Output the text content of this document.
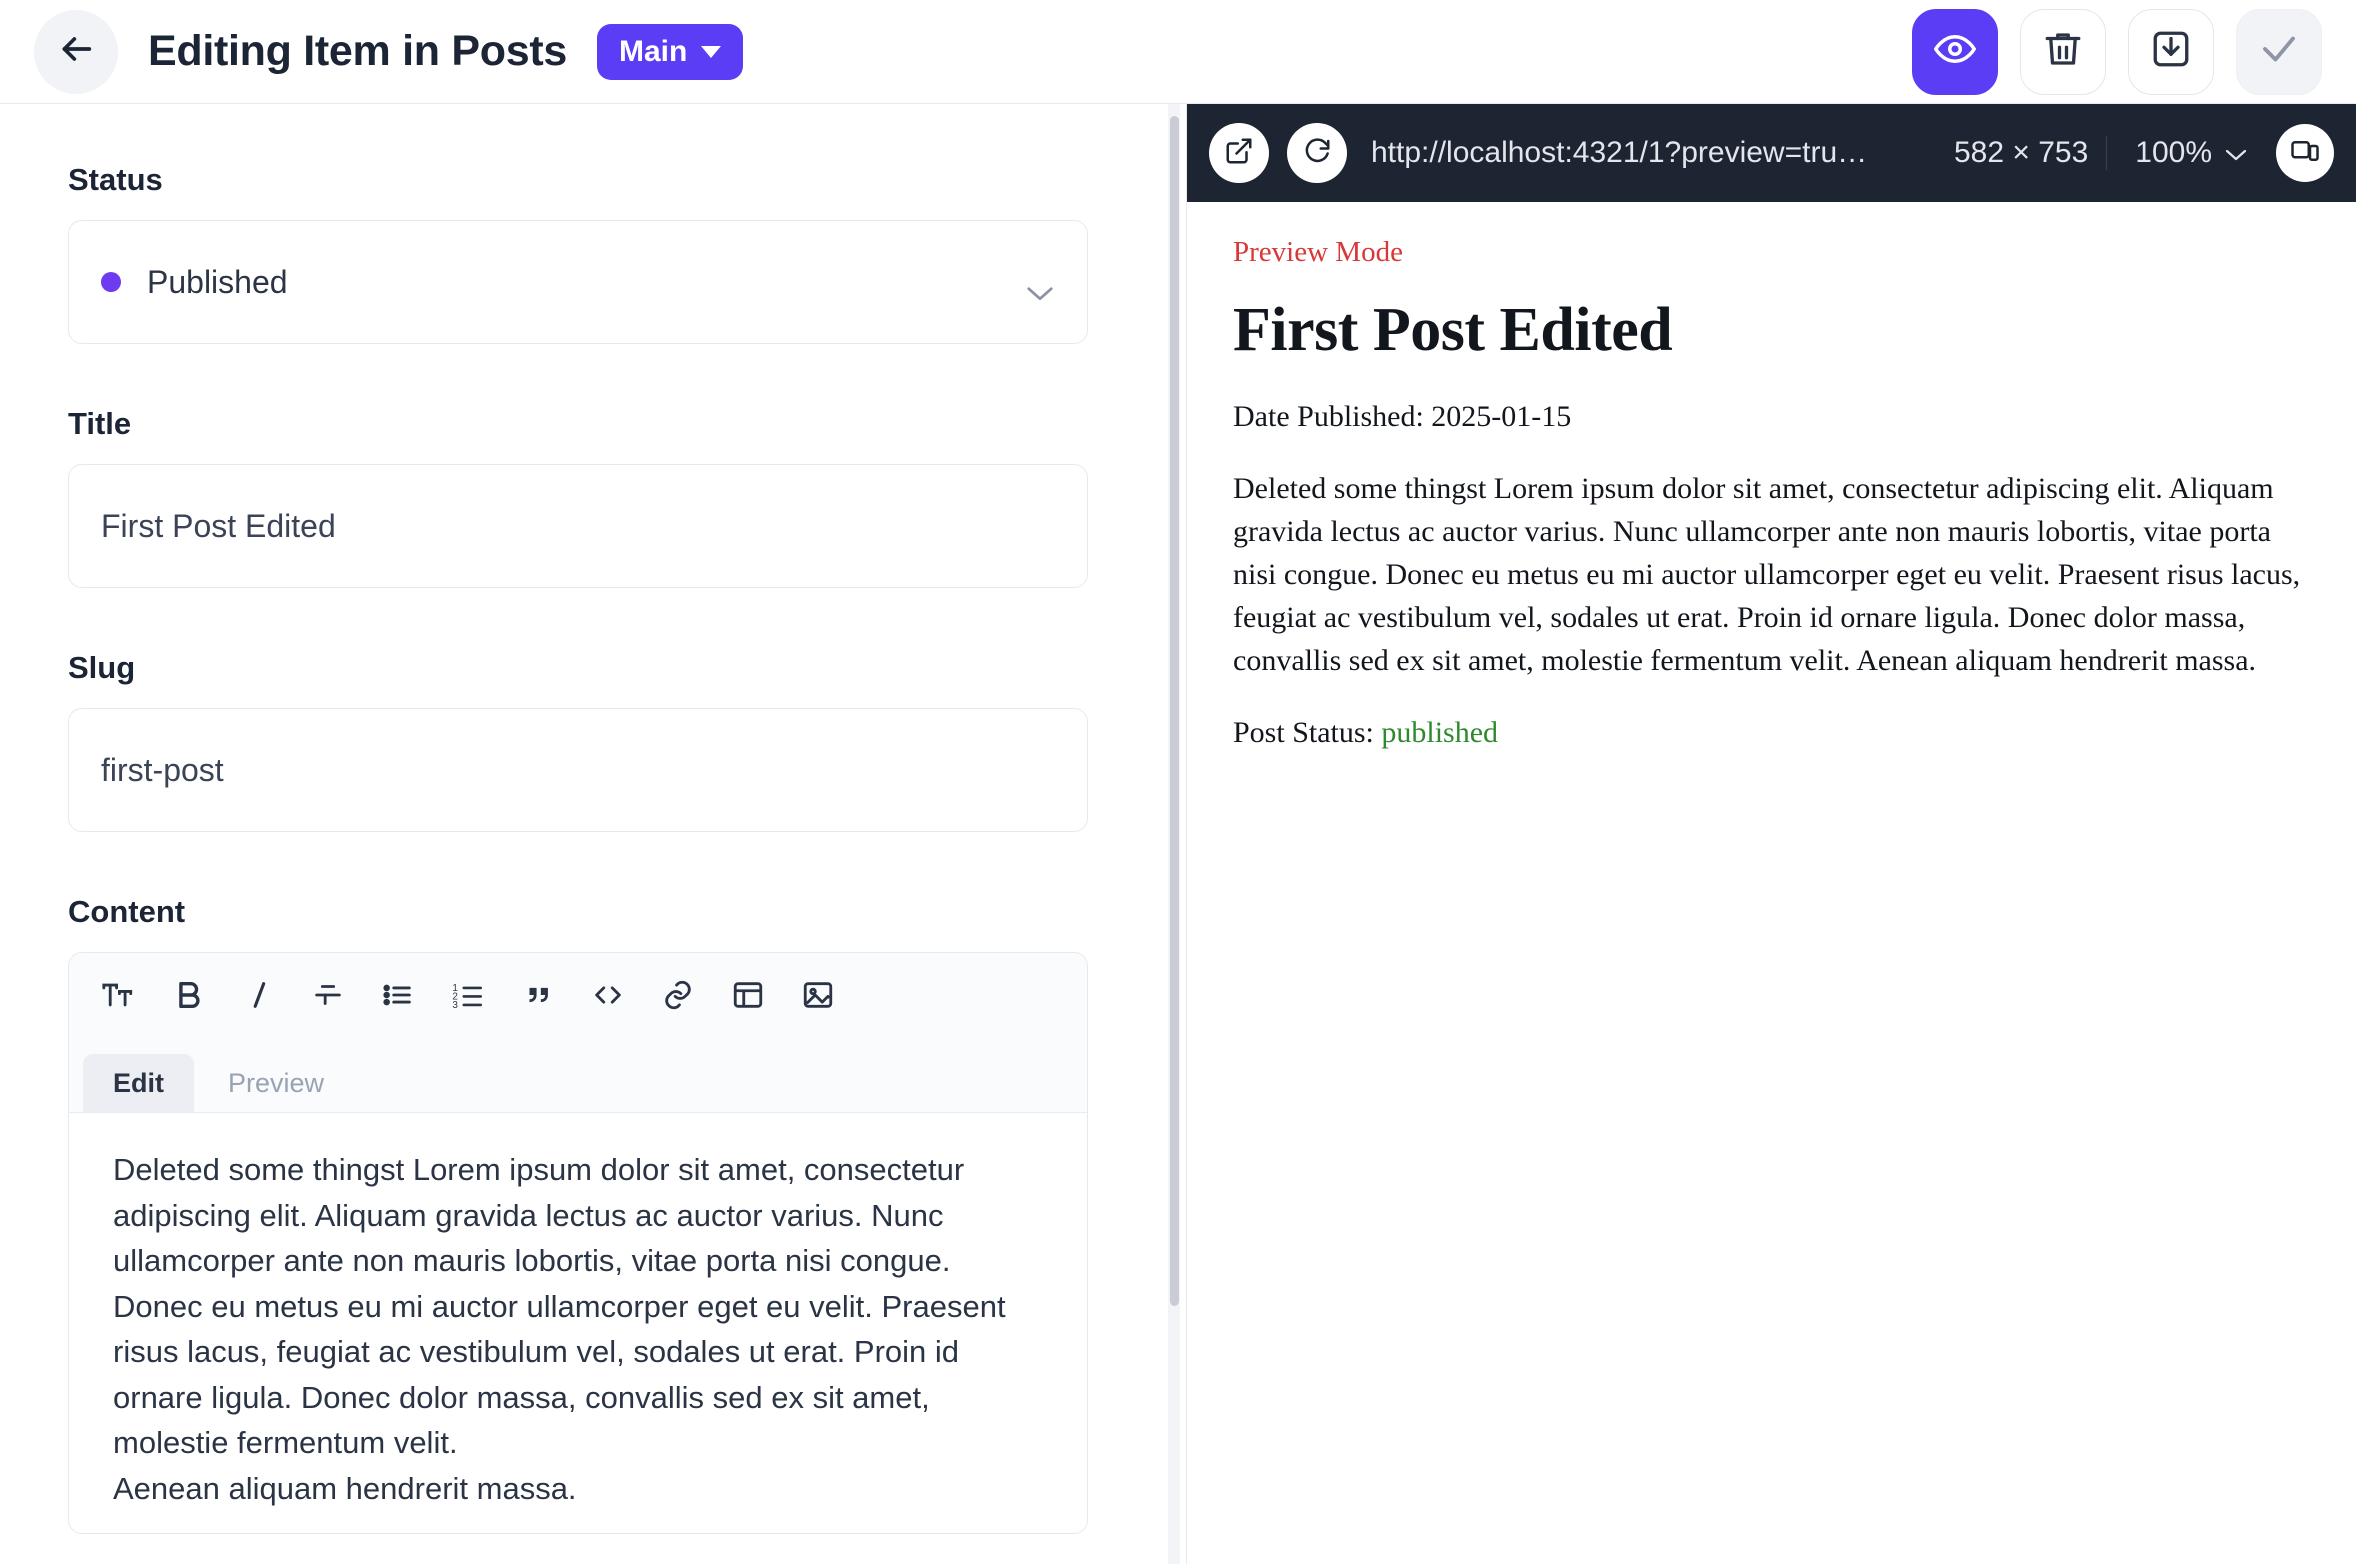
Editing Item in Posts Main
Status
Published
Title
First Post Edited
Slug
first-post
Content
1
2
3
Edit	Preview

Deleted some thingst Lorem ipsum dolor sit amet, consectetur adipiscing elit. Aliquam gravida lectus ac auctor varius. Nunc ullamcorper ante non mauris lobortis, vitae porta nisi congue. Donec eu metus eu mi auctor ullamcorper eget eu velit. Praesent risus lacus, feugiat ac vestibulum vel, sodales ut erat. Proin id ornare ligula. Donec dolor massa, convallis sed ex sit amet, molestie fermentum velit.

Aenean aliquam hendrerit massa.

http://localhost:4321/1?preview=tru…	582 × 753	100%

Preview Mode

First Post Edited

Date Published: 2025-01-15

Deleted some thingst Lorem ipsum dolor sit amet, consectetur adipiscing elit. Aliquam gravida lectus ac auctor varius. Nunc ullamcorper ante non mauris lobortis, vitae porta nisi congue. Donec eu metus eu mi auctor ullamcorper eget eu velit. Praesent risus lacus, feugiat ac vestibulum vel, sodales ut erat. Proin id ornare ligula. Donec dolor massa, convallis sed ex sit amet, molestie fermentum velit. Aenean aliquam hendrerit massa.

Post Status: published
